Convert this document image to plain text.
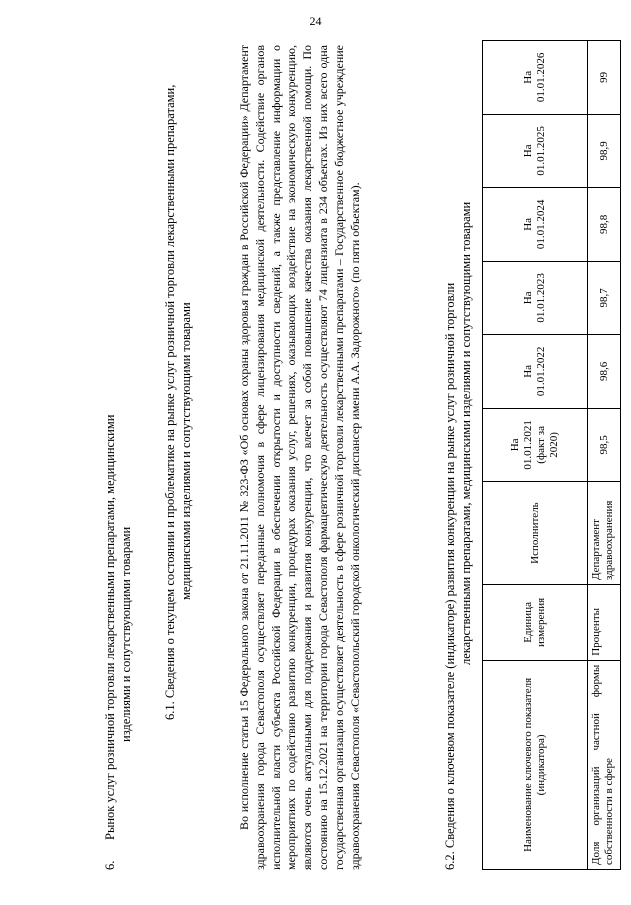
24
6.Рынок услуг розничной торговли лекарственными препаратами, медицинскими изделиями и сопутствующими товарами 6.1. Сведения о текущем состоянии и проблематике на рынке услуг розничной торговли лекарственными препаратами, медицинскими изделиями и сопутствующими товарами	Во исполнение статьи 15 Федерального закона от 21.11.2011 № 323-ФЗ «Об основах охраны здоровья граждан в Российской Федерации» Департамент здравоохранения города Севастополя осуществляет переданные полномочия в сфере лицензирования медицинской деятельности. Содействие органов исполнительной власти субъекта Российской Федерации в обеспечении открытости и доступности сведений, а также представление информации о мероприятиях по содействию развитию конкуренции, процедурах оказания услуг, решениях, оказывающих воздействие на экономическую конкуренцию, являются очень актуальными для поддержания и развития конкуренции, что влечет за собой повышение качества оказания лекарственной помощи. По состоянию на 15.12.2021 на территории города Севастополя фармацевтическую деятельность осуществляют 74 лицензиата в 234 объектах. Из них всего одна государственная организация осуществляет деятельность в сфере розничной торговли лекарственными препаратами – Государственное бюджетное учреждение здравоохранения Севастополя «Севастопольский городской онкологический диспансер имени А.А. Задорожного» (по пяти объектам).	6.2. Сведения о ключевом показателе (индикаторе) развития конкуренции на рынке услуг розничной торговли лекарственными препаратами, медицинскими изделиями и сопутствующими товарами
Наименование ключевого показателя (индикатора)	Единица измерения	Исполнитель	На 01.01.2021 (факт за 2020)	На 01.01.2022	На 01.01.2023	На 01.01.2024	На 01.01.2025	На 01.01.2026
Доля организаций частной формы собственности в сфере	Проценты	Департамент здравоохранения	98,5	98,6	98,7	98,8	98,9	99
